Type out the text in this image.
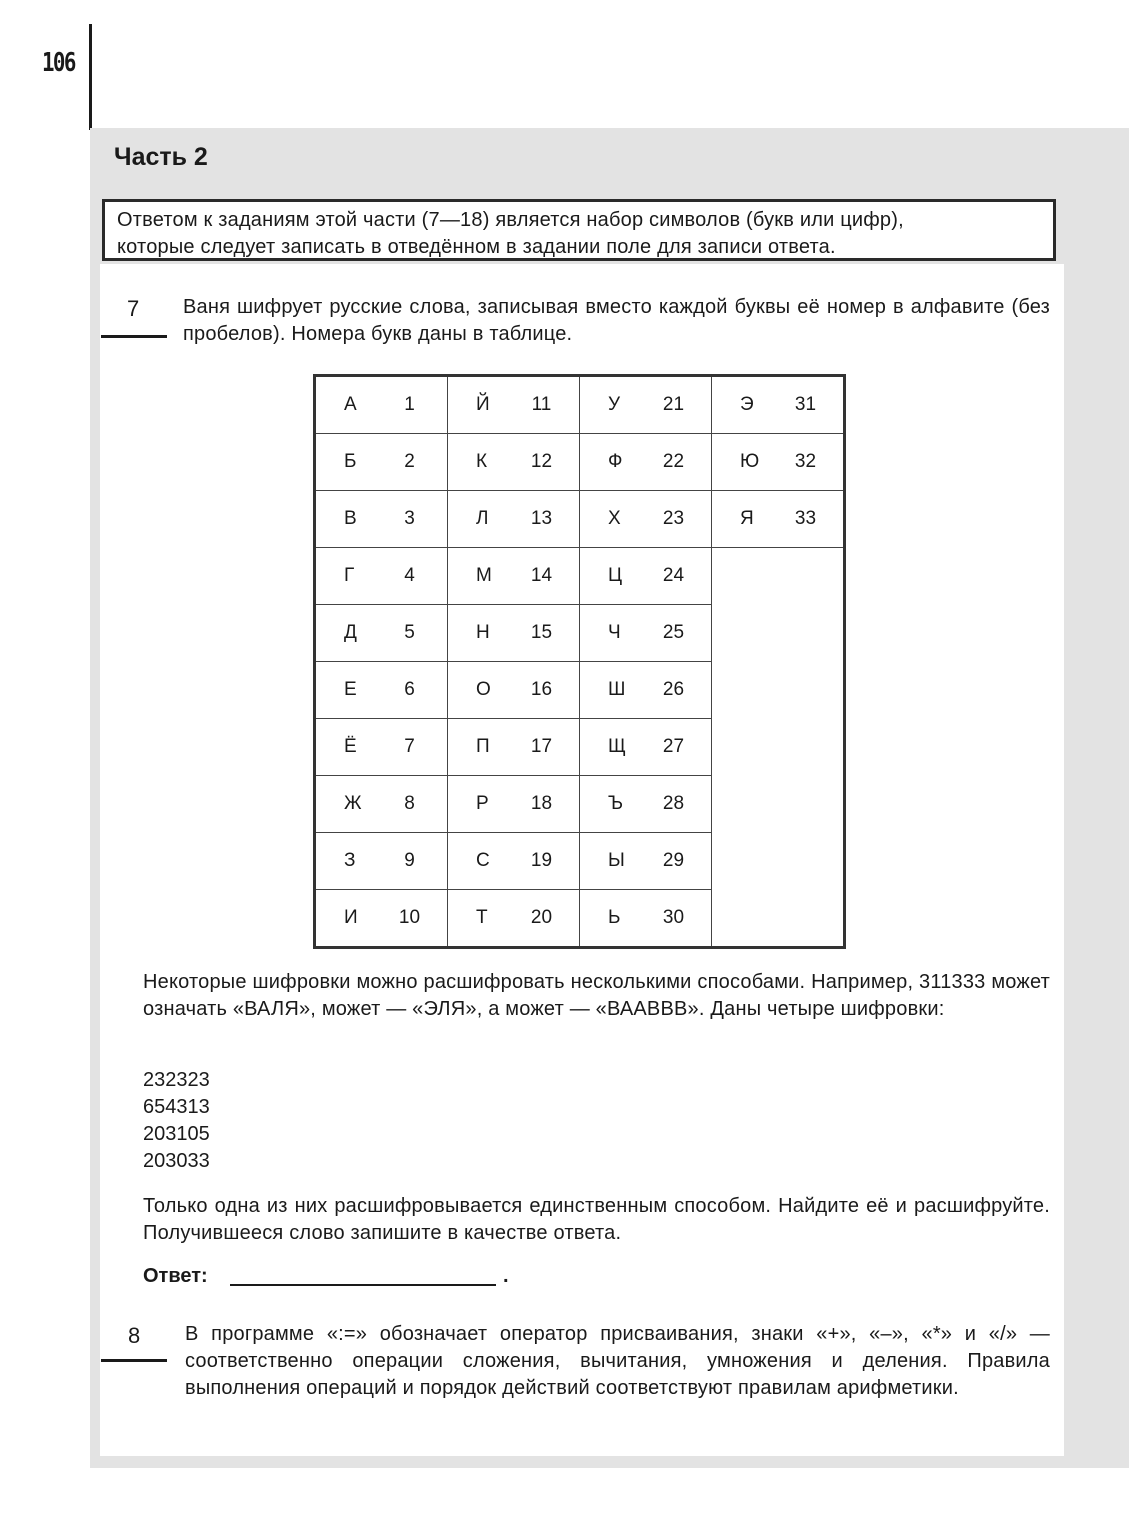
106
Часть 2
Ответом к заданиям этой части (7—18) является набор символов (букв или цифр),
которые следует записать в отведённом в задании поле для записи ответа.
7 Ваня шифрует русские слова, записывая вместо каждой буквы её номер в алфавите (без пробелов). Номера букв даны в таблице.
А 1	Й 11	У 21	Э 31

Б 2	К 12	Ф 22	Ю 32

В 3	Л 13	Х 23	Я 33

Г 4	М 14	Ц 24	

Д 5	Н 15	Ч 25	

Е 6	О 16	Ш 26	

Ё 7	П 17	Щ 27	

Ж 8	Р 18	Ъ 28	

З 9	С 19	Ы 29	

И 10	Т 20	Ь 30	

Некоторые шифровки можно расшифровать несколькими способами. Например, 311333 может означать «ВАЛЯ», может — «ЭЛЯ», а может — «ВААВВВ». Даны четыре шифровки:
232323
654313
203105
203033
Только одна из них расшифровывается единственным способом. Найдите её и расшифруйте. Получившееся слово запишите в качестве ответа.
Ответ:	.
8 В программе «:=» обозначает оператор присваивания, знаки «+», «–», «*» и «/» — соответственно операции сложения, вычитания, умножения и деления. Правила выполнения операций и порядок действий соответствуют правилам арифметики.
